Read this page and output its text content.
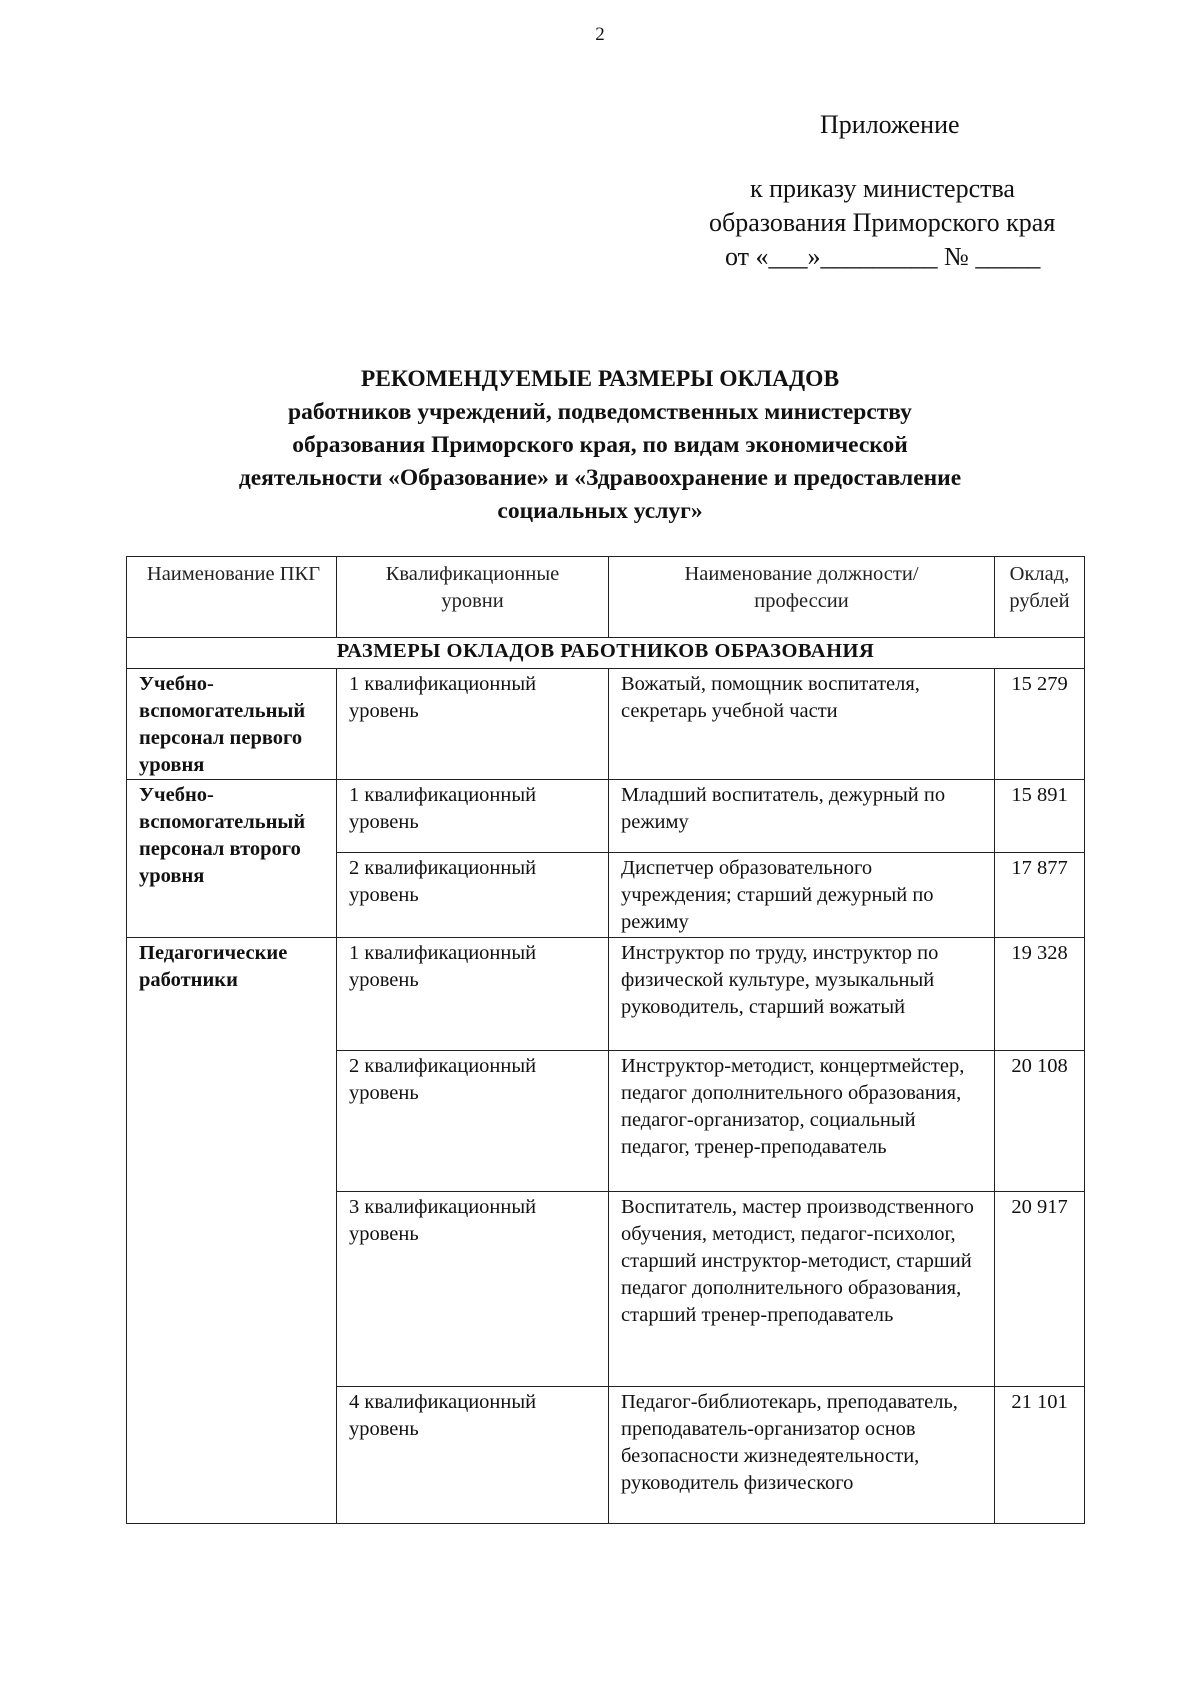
2
Приложение
к приказу министерства
образования Приморского края
от «___»_________ № _____
РЕКОМЕНДУЕМЫЕ РАЗМЕРЫ ОКЛАДОВ
работников учреждений, подведомственных министерству
образования Приморского края, по видам экономической
деятельности «Образование» и «Здравоохранение и предоставление
социальных услуг»
Наименование ПКГ	Квалификационные уровни	Наименование должности/профессии	Оклад, рублей
РАЗМЕРЫ ОКЛАДОВ РАБОТНИКОВ ОБРАЗОВАНИЯ			
Учебно-вспомогательный персонал первого уровня	1 квалификационный уровень	Вожатый, помощник воспитателя, секретарь учебной части	15 279
Учебно-вспомогательный персонал второго уровня	1 квалификационный уровень	Младший воспитатель, дежурный по режиму	15 891
	2 квалификационный уровень	Диспетчер образовательного учреждения; старший дежурный по режиму	17 877
Педагогические работники	1 квалификационный уровень	Инструктор по труду, инструктор по физической культуре, музыкальный руководитель, старший вожатый	19 328
	2 квалификационный уровень	Инструктор-методист, концертмейстер, педагог дополнительного образования, педагог-организатор, социальный педагог, тренер-преподаватель	20 108
	3 квалификационный уровень	Воспитатель, мастер производственного обучения, методист, педагог-психолог, старший инструктор-методист, старший педагог дополнительного образования, старший тренер-преподаватель	20 917
	4 квалификационный уровень	Педагог-библиотекарь, преподаватель, преподаватель-организатор основ безопасности жизнедеятельности, руководитель физического	21 101
